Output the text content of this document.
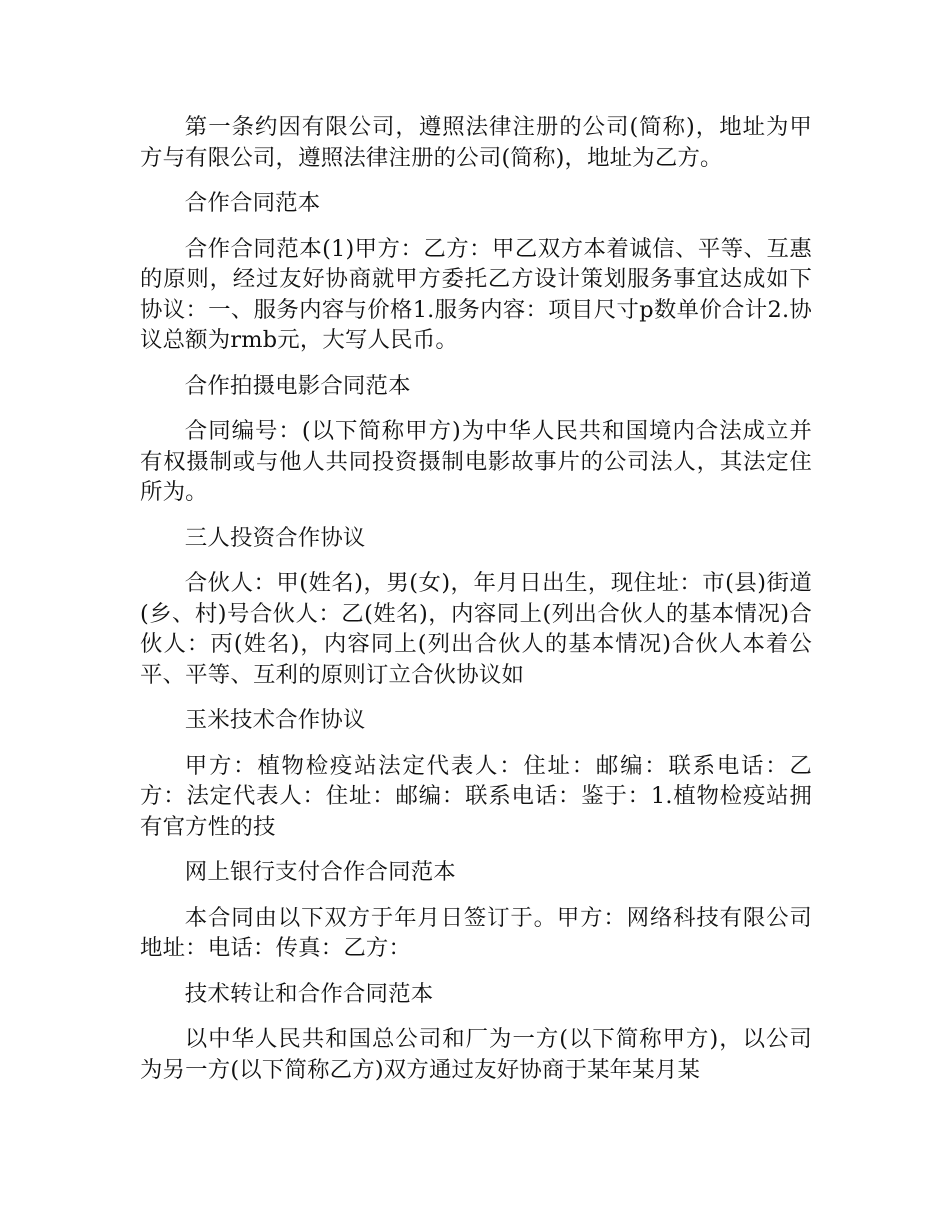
第一条约因有限公司，遵照法律注册的公司(简称)，地址为甲方与有限公司，遵照法律注册的公司(简称)，地址为乙方。

合作合同范本

合作合同范本(1)甲方：乙方：甲乙双方本着诚信、平等、互惠的原则，经过友好协商就甲方委托乙方设计策划服务事宜达成如下协议：一、服务内容与价格1.服务内容：项目尺寸p数单价合计2.协议总额为rmb元，大写人民币。

合作拍摄电影合同范本

合同编号：(以下简称甲方)为中华人民共和国境内合法成立并有权摄制或与他人共同投资摄制电影故事片的公司法人，其法定住所为。

三人投资合作协议

合伙人：甲(姓名)，男(女)，年月日出生，现住址：市(县)街道(乡、村)号合伙人：乙(姓名)，内容同上(列出合伙人的基本情况)合伙人：丙(姓名)，内容同上(列出合伙人的基本情况)合伙人本着公平、平等、互利的原则订立合伙协议如

玉米技术合作协议

甲方：植物检疫站法定代表人：住址：邮编：联系电话：乙方：法定代表人：住址：邮编：联系电话：鉴于：1.植物检疫站拥有官方性的技

网上银行支付合作合同范本

本合同由以下双方于年月日签订于。甲方：网络科技有限公司地址：电话：传真：乙方：

技术转让和合作合同范本

以中华人民共和国总公司和厂为一方(以下简称甲方)，以公司为另一方(以下简称乙方)双方通过友好协商于某年某月某
